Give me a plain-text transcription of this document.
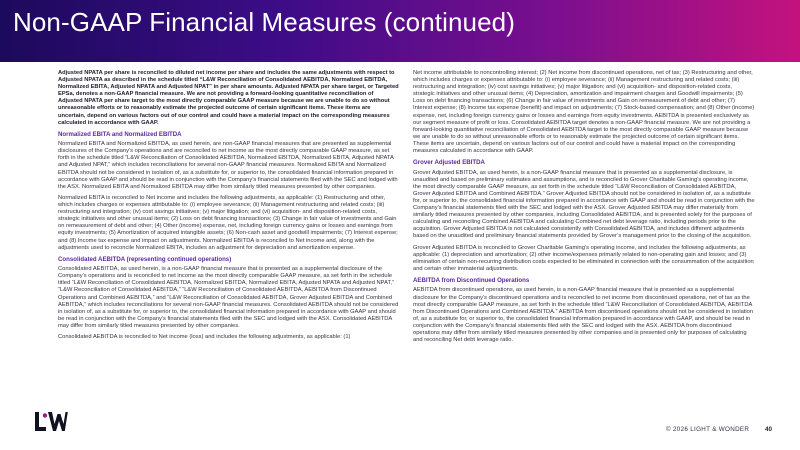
Non-GAAP Financial Measures (continued)

Adjusted NPATA per share is reconciled to diluted net income per share and includes the same adjustments with respect to Adjusted NPATA as described in the schedule titled “L&W Reconciliation of Consolidated AEBITDA, Normalized EBITDA, Normalized EBITA, Adjusted NPATA and Adjusted NPAT” in per share amounts. Adjusted NPATA per share target, or Targeted EPSa, denotes a non-GAAP financial measure. We are not providing a forward-looking quantitative reconciliation of Adjusted NPATA per share target to the most directly comparable GAAP measure because we are unable to do so without unreasonable efforts or to reasonably estimate the projected outcome of certain significant items. These items are uncertain, depend on various factors out of our control and could have a material impact on the corresponding measures calculated in accordance with GAAP.

Normalized EBITA and Normalized EBITDA

Normalized EBITA and Normalized EBITDA, as used herein, are non-GAAP financial measures that are presented as supplemental disclosures of the Company’s operations and are reconciled to net income as the most directly comparable GAAP measure, as set forth in the schedule titled “L&W Reconciliation of Consolidated AEBITDA, Normalized EBITDA, Normalized EBITA, Adjusted NPATA and Adjusted NPAT,” which includes reconciliations for several non-GAAP financial measures. Normalized EBITA and Normalized EBITDA should not be considered in isolation of, as a substitute for, or superior to, the consolidated financial information prepared in accordance with GAAP and should be read in conjunction with the Company’s financial statements filed with the SEC and lodged with the ASX. Normalized EBITA and Normalized EBITDA may differ from similarly titled measures presented by other companies.

Normalized EBITA is reconciled to Net income and includes the following adjustments, as applicable: (1) Restructuring and other, which includes charges or expenses attributable to: (i) employee severance; (ii) Management restructuring and related costs; (iii) restructuring and integration; (iv) cost savings initiatives; (v) major litigation; and (vi) acquisition- and disposition-related costs, strategic initiatives and other unusual items; (2) Loss on debt financing transactions; (3) Change in fair value of investments and Gain on remeasurement of debt and other; (4) Other (income) expense, net, including foreign currency gains or losses and earnings from equity investments; (5) Amortization of acquired intangible assets; (6) Non-cash asset and goodwill impairments; (7) Interest expense; and (8) Income tax expense and impact on adjustments. Normalized EBITDA is reconciled to Net income and, along with the adjustments used to reconcile Normalized EBITA, includes an adjustment for depreciation and amortization expense.

Consolidated AEBITDA (representing continued operations)

Consolidated AEBITDA, as used herein, is a non-GAAP financial measure that is presented as a supplemental disclosure of the Company’s operations and is reconciled to net income as the most directly comparable GAAP measure, as set forth in the schedule titled “L&W Reconciliation of Consolidated AEBITDA, Normalized EBITDA, Normalized EBITA, Adjusted NPATA and Adjusted NPAT,” “L&W Reconciliation of Consolidated AEBITDA,” “L&W Reconciliation of Consolidated AEBITDA, AEBITDA from Discontinued Operations and Combined AEBITDA,” and “L&W Reconciliation of Consolidated AEBITDA, Grover Adjusted EBITDA and Combined AEBITDA,” which includes reconciliations for several non-GAAP financial measures. Consolidated AEBITDA should not be considered in isolation of, as a substitute for, or superior to, the consolidated financial information prepared in accordance with GAAP and should be read in conjunction with the Company’s financial statements filed with the SEC and lodged with the ASX. Consolidated AEBITDA may differ from similarly titled measures presented by other companies.

Consolidated AEBITDA is reconciled to Net income (loss) and includes the following adjustments, as applicable: (1)

Net income attributable to noncontrolling interest; (2) Net income from discontinued operations, net of tax; (3) Restructuring and other, which includes charges or expenses attributable to: (i) employee severance; (ii) Management restructuring and related costs; (iii) restructuring and integration; (iv) cost savings initiatives; (v) major litigation; and (vi) acquisition- and disposition-related costs, strategic initiatives and other unusual items; (4) Depreciation, amortization and impairment charges and Goodwill impairments; (5) Loss on debt financing transactions; (6) Change in fair value of investments and Gain on remeasurement of debt and other; (7) Interest expense; (8) Income tax expense (benefit) and impact on adjustments; (7) Stock-based compensation; and (8) Other (income) expense, net, including foreign currency gains or losses and earnings from equity investments. AEBITDA is presented exclusively as our segment measure of profit or loss. Consolidated AEBITDA target denotes a non-GAAP financial measure. We are not providing a forward-looking quantitative reconciliation of Consolidated AEBITDA target to the most directly comparable GAAP measure because we are unable to do so without unreasonable efforts or to reasonably estimate the projected outcome of certain significant items. These items are uncertain, depend on various factors out of our control and could have a material impact on the corresponding measures calculated in accordance with GAAP.

Grover Adjusted EBITDA

Grover Adjusted EBITDA, as used herein, is a non-GAAP financial measure that is presented as a supplemental disclosure, is unaudited and based on preliminary estimates and assumptions, and is reconciled to Grover Charitable Gaming’s operating income, the most directly comparable GAAP measure, as set forth in the schedule titled “L&W Reconciliation of Consolidated AEBITDA, Grover Adjusted EBITDA and Combined AEBITDA.” Grover Adjusted EBITDA should not be considered in isolation of, as a substitute for, or superior to, the consolidated financial information prepared in accordance with GAAP and should be read in conjunction with the Company’s financial statements filed with the SEC and lodged with the ASX. Grover Adjusted EBITDA may differ materially from similarly titled measures presented by other companies, including Consolidated AEBITDA, and is presented solely for the purposes of calculating and reconciling Combined AEBITDA and calculating Combined net debt leverage ratio, including periods prior to the acquisition. Grover Adjusted EBITDA is not calculated consistently with Consolidated AEBITDA, and includes different adjustments based on the unaudited and preliminary financial statements provided by Grover’s management prior to the closing of the acquisition.

Grover Adjusted EBITDA is reconciled to Grover Charitable Gaming’s operating income, and includes the following adjustments, as applicable: (1) depreciation and amortization; (2) other income/expenses primarily related to non-operating gain and losses; and (3) elimination of certain non-recurring distribution costs expected to be eliminated in connection with the consummation of the acquisition and certain other immaterial adjustments.

AEBITDA from Discontinued Operations

AEBITDA from discontinued operations, as used herein, is a non-GAAP financial measure that is presented as a supplemental disclosure for the Company’s discontinued operations and is reconciled to net income from discontinued operations, net of tax as the most directly comparable GAAP measure, as set forth in the schedule titled “L&W Reconciliation of Consolidated AEBITDA, AEBITDA from Discontinued Operations and Combined AEBITDA.” AEBITDA from discontinued operations should not be considered in isolation of, as a substitute for, or superior to, the consolidated financial information prepared in accordance with GAAP, and should be read in conjunction with the Company’s financial statements filed with the SEC and lodged with the ASX. AEBITDA from discontinued operations may differ from similarly titled measures presented by other companies and is presented only for purposes of calculating and reconciling Net debt leverage ratio.

© 2026 LIGHT & WONDER 40
